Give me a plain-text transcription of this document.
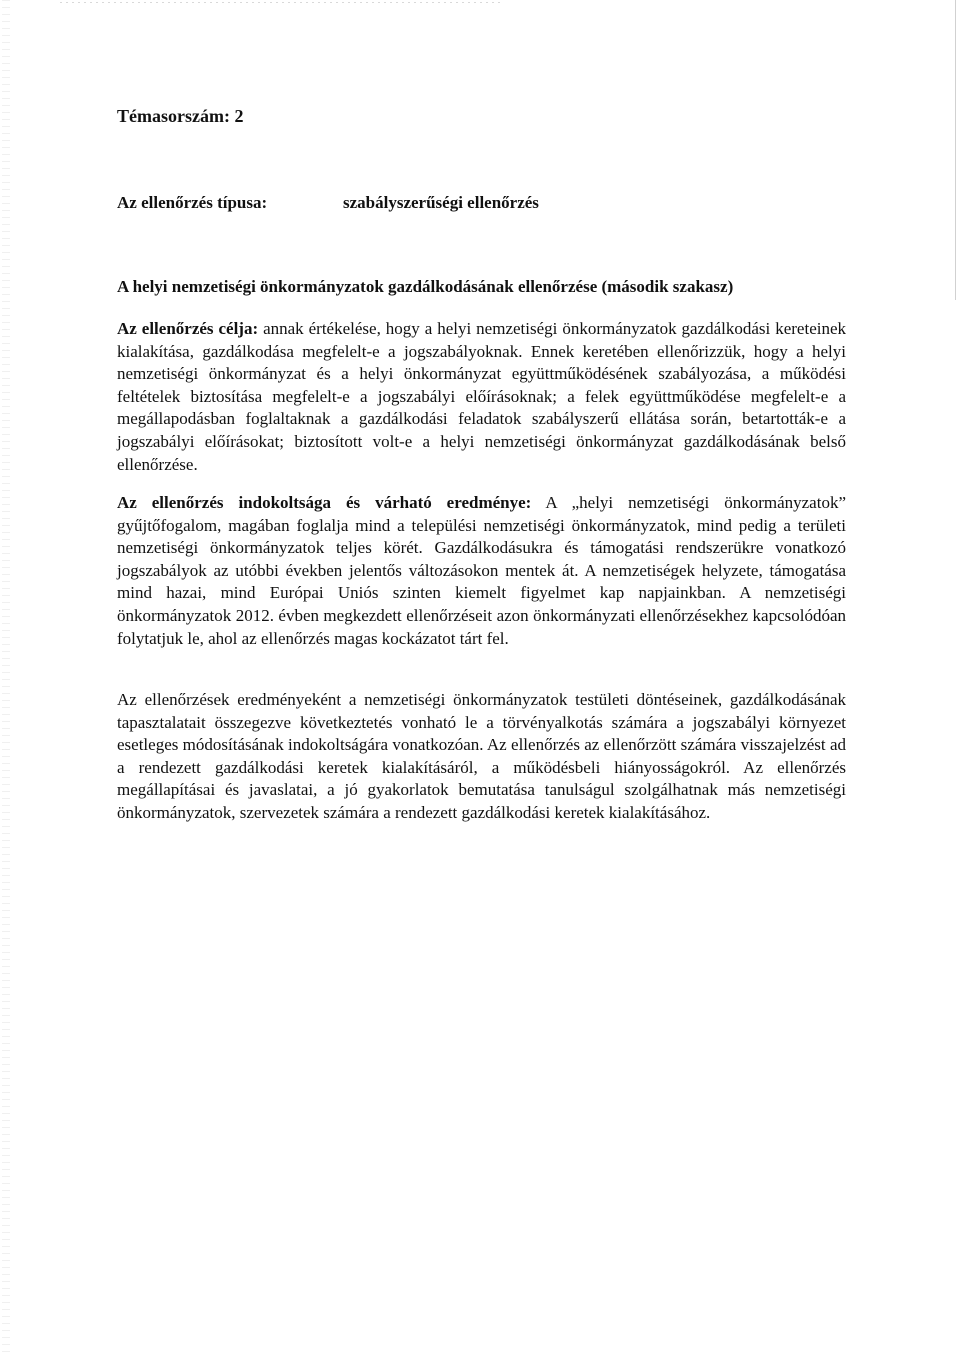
Témasorszám: 2
Az ellenőrzés típusa:	szabályszerűségi ellenőrzés
A helyi nemzetiségi önkormányzatok gazdálkodásának ellenőrzése (második szakasz)

Az ellenőrzés célja: annak értékelése, hogy a helyi nemzetiségi önkormányzatok gazdálkodási kereteinek kialakítása, gazdálkodása megfelelt-e a jogszabályoknak. Ennek keretében ellenőrizzük, hogy a helyi nemzetiségi önkormányzat és a helyi önkormányzat együttműködésének szabályozása, a működési feltételek biztosítása megfelelt-e a jogszabályi előírásoknak; a felek együttműködése megfelelt-e a megállapodásban foglaltaknak a gazdálkodási feladatok szabályszerű ellátása során, betartották-e a jogszabályi előírásokat; biztosított volt-e a helyi nemzetiségi önkormányzat gazdálkodásának belső ellenőrzése.

Az ellenőrzés indokoltsága és várható eredménye: A „helyi nemzetiségi önkormányzatok” gyűjtőfogalom, magában foglalja mind a települési nemzetiségi önkormányzatok, mind pedig a területi nemzetiségi önkormányzatok teljes körét. Gazdálkodásukra és támogatási rendszerükre vonatkozó jogszabályok az utóbbi években jelentős változásokon mentek át. A nemzetiségek helyzete, támogatása mind hazai, mind Európai Uniós szinten kiemelt figyelmet kap napjainkban. A nemzetiségi önkormányzatok 2012. évben megkezdett ellenőrzéseit azon önkormányzati ellenőrzésekhez kapcsolódóan folytatjuk le, ahol az ellenőrzés magas kockázatot tárt fel.

Az ellenőrzések eredményeként a nemzetiségi önkormányzatok testületi döntéseinek, gazdálkodásának tapasztalatait összegezve következtetés vonható le a törvényalkotás számára a jogszabályi környezet esetleges módosításának indokoltságára vonatkozóan. Az ellenőrzés az ellenőrzött számára visszajelzést ad a rendezett gazdálkodási keretek kialakításáról, a működésbeli hiányosságokról. Az ellenőrzés megállapításai és javaslatai, a jó gyakorlatok bemutatása tanulságul szolgálhatnak más nemzetiségi önkormányzatok, szervezetek számára a rendezett gazdálkodási keretek kialakításához.
